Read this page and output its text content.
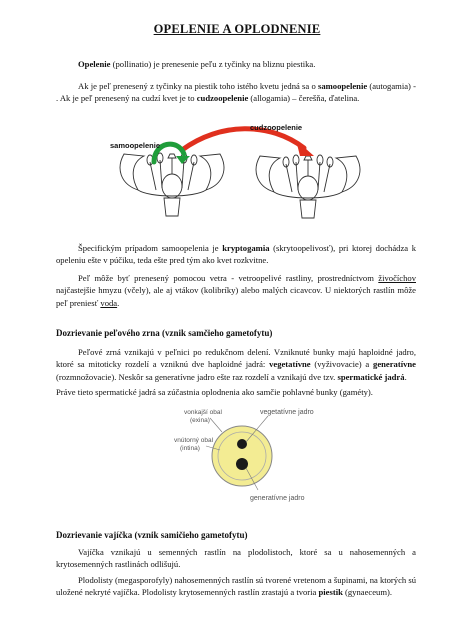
OPELENIE A OPLODNENIE

Opelenie (pollinatio) je prenesenie peľu z tyčinky na bliznu piestika.

Ak je peľ prenesený z tyčinky na piestik toho istého kvetu jedná sa o samoopelenie (autogamia) - . Ak je peľ prenesený na cudzí kvet je to cudzoopelenie (allogamia) – čerešňa, ďatelina.

cudzoopelenie
samoopelenie

Špecifickým prípadom samoopelenia je kryptogamia (skrytoopelivosť), pri ktorej dochádza k opeleniu ešte v púčiku, teda ešte pred tým ako kvet rozkvitne.

Peľ môže byť prenesený pomocou vetra - vetroopelivé rastliny, prostredníctvom živočíchov najčastejšie hmyzu (včely), ale aj vtákov (kolibríky) alebo malých cicavcov. U niektorých rastlín môže peľ preniesť voda.

Dozrievanie peľového zrna (vznik samčieho gametofytu)

Peľové zrná vznikajú v peľnici po redukčnom delení. Vzniknuté bunky majú haploidné jadro, ktoré sa mitoticky rozdelí a vzniknú dve haploidné jadrá: vegetatívne (vyživovacie) a generatívne (rozmnožovacie). Neskôr sa generatívne jadro ešte raz rozdelí a vznikajú dve tzv. spermatické jadrá.

Práve tieto spermatické jadrá sa zúčastnia oplodnenia ako samčie pohlavné bunky (gaméty).

vonkajší obal
(exina)
vnútorný obal
(intina)
vegetatívne jadro
generatívne jadro

Dozrievanie vajíčka (vznik samičieho gametofytu)

Vajíčka vznikajú u semenných rastlín na plodolistoch, ktoré sa u nahosemenných a krytosemenných rastlinách odlišujú.

Plodolisty (megasporofyly) nahosemenných rastlín sú tvorené vretenom a šupinami, na ktorých sú uložené nekryté vajíčka. Plodolisty krytosemenných rastlín zrastajú a tvoria piestik (gynaeceum).
